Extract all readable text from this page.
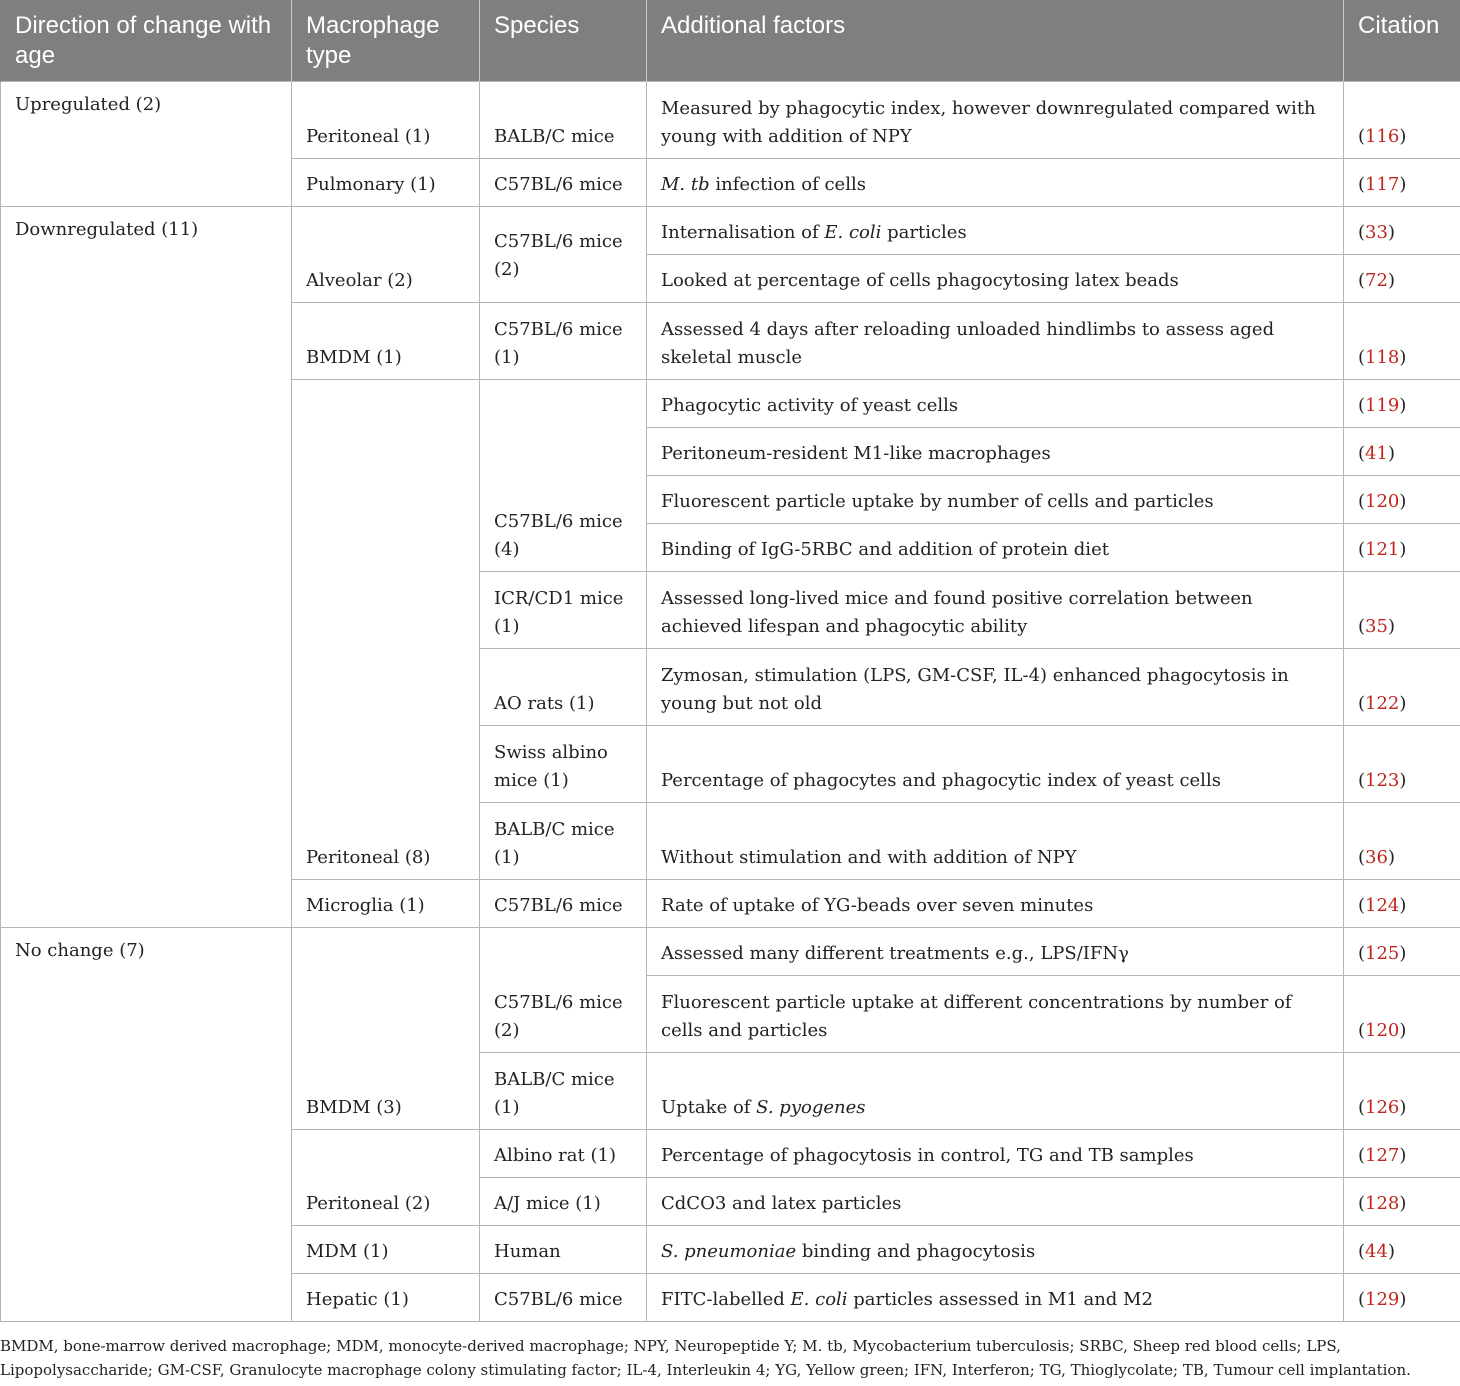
Direction of change with age	Macrophage type	Species	Additional factors	Citation
Upregulated (2)	Peritoneal (1)	BALB/C mice	Measured by phagocytic index, however downregulated compared with young with addition of NPY	(116)
	Pulmonary (1)	C57BL/6 mice	M. tb infection of cells	(117)
Downregulated (11)	Alveolar (2)	C57BL/6 mice (2)	Internalisation of E. coli particles	(33)
			Looked at percentage of cells phagocytosing latex beads	(72)
	BMDM (1)	C57BL/6 mice (1)	Assessed 4 days after reloading unloaded hindlimbs to assess aged skeletal muscle	(118)
	Peritoneal (8)	C57BL/6 mice (4)	Phagocytic activity of yeast cells	(119)
			Peritoneum-resident M1-like macrophages	(41)
			Fluorescent particle uptake by number of cells and particles	(120)
			Binding of IgG-5RBC and addition of protein diet	(121)
		ICR/CD1 mice (1)	Assessed long-lived mice and found positive correlation between achieved lifespan and phagocytic ability	(35)
		AO rats (1)	Zymosan, stimulation (LPS, GM-CSF, IL-4) enhanced phagocytosis in young but not old	(122)
		Swiss albino mice (1)	Percentage of phagocytes and phagocytic index of yeast cells	(123)
		BALB/C mice (1)	Without stimulation and with addition of NPY	(36)
	Microglia (1)	C57BL/6 mice	Rate of uptake of YG-beads over seven minutes	(124)
No change (7)	BMDM (3)	C57BL/6 mice (2)	Assessed many different treatments e.g., LPS/IFNγ	(125)
			Fluorescent particle uptake at different concentrations by number of cells and particles	(120)
		BALB/C mice (1)	Uptake of S. pyogenes	(126)
	Peritoneal (2)	Albino rat (1)	Percentage of phagocytosis in control, TG and TB samples	(127)
		A/J mice (1)	CdCO3 and latex particles	(128)
	MDM (1)	Human	S. pneumoniae binding and phagocytosis	(44)
	Hepatic (1)	C57BL/6 mice	FITC-labelled E. coli particles assessed in M1 and M2	(129)
BMDM, bone-marrow derived macrophage; MDM, monocyte-derived macrophage; NPY, Neuropeptide Y; M. tb, Mycobacterium tuberculosis; SRBC, Sheep red blood cells; LPS, Lipopolysaccharide; GM-CSF, Granulocyte macrophage colony stimulating factor; IL-4, Interleukin 4; YG, Yellow green; IFN, Interferon; TG, Thioglycolate; TB, Tumour cell implantation.
